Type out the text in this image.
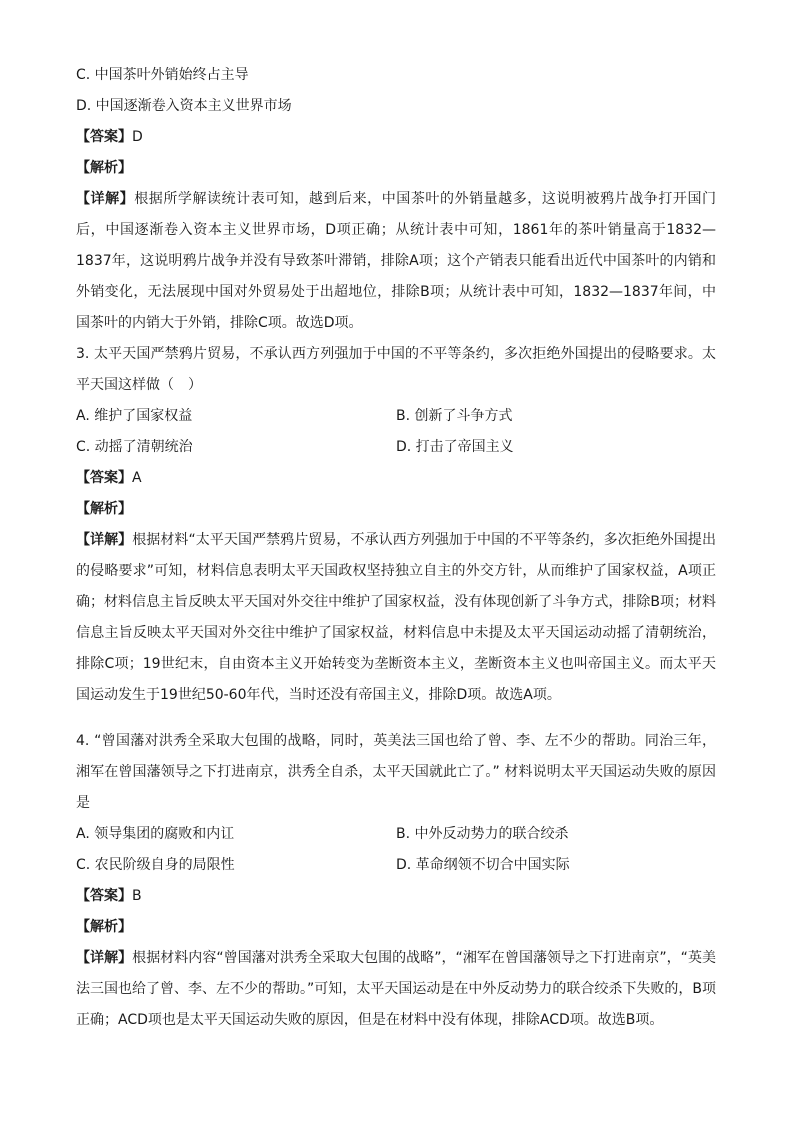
C. 中国茶叶外销始终占主导

D. 中国逐渐卷入资本主义世界市场

【答案】D

【解析】

【详解】根据所学解读统计表可知，越到后来，中国茶叶的外销量越多，这说明被鸦片战争打开国门后，中国逐渐卷入资本主义世界市场，D项正确；从统计表中可知，1861年的茶叶销量高于1832—1837年，这说明鸦片战争并没有导致茶叶滞销，排除A项；这个产销表只能看出近代中国茶叶的内销和外销变化，无法展现中国对外贸易处于出超地位，排除B项；从统计表中可知，1832—1837年间，中国茶叶的内销大于外销，排除C项。故选D项。

3. 太平天国严禁鸦片贸易，不承认西方列强加于中国的不平等条约，多次拒绝外国提出的侵略要求。太平天国这样做（　）

A. 维护了国家权益	B. 创新了斗争方式
C. 动摇了清朝统治	D. 打击了帝国主义

【答案】A

【解析】

【详解】根据材料“太平天国严禁鸦片贸易，不承认西方列强加于中国的不平等条约，多次拒绝外国提出的侵略要求”可知，材料信息表明太平天国政权坚持独立自主的外交方针，从而维护了国家权益，A项正确；材料信息主旨反映太平天国对外交往中维护了国家权益，没有体现创新了斗争方式，排除B项；材料信息主旨反映太平天国对外交往中维护了国家权益，材料信息中未提及太平天国运动动摇了清朝统治，排除C项；19世纪末，自由资本主义开始转变为垄断资本主义，垄断资本主义也叫帝国主义。而太平天国运动发生于19世纪50-60年代，当时还没有帝国主义，排除D项。故选A项。

4. “曾国藩对洪秀全采取大包围的战略，同时，英美法三国也给了曾、李、左不少的帮助。同治三年，湘军在曾国藩领导之下打进南京，洪秀全自杀，太平天国就此亡了。” 材料说明太平天国运动失败的原因是

A. 领导集团的腐败和内讧	B. 中外反动势力的联合绞杀
C. 农民阶级自身的局限性	D. 革命纲领不切合中国实际

【答案】B

【解析】

【详解】根据材料内容“曾国藩对洪秀全采取大包围的战略”，“湘军在曾国藩领导之下打进南京”，“英美法三国也给了曾、李、左不少的帮助。”可知，太平天国运动是在中外反动势力的联合绞杀下失败的，B项正确；ACD项也是太平天国运动失败的原因，但是在材料中没有体现，排除ACD项。故选B项。
